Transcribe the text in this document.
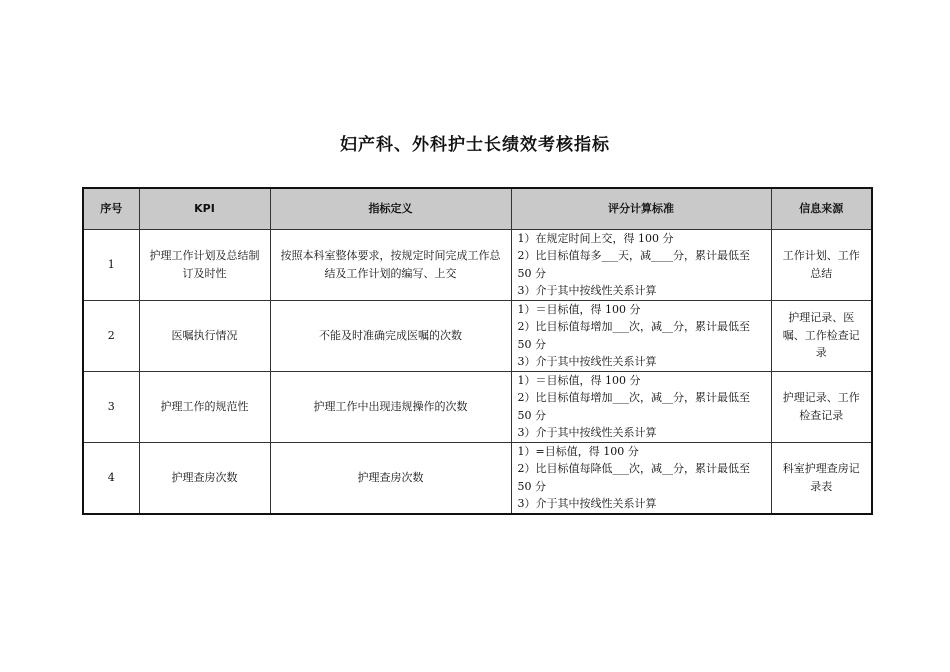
妇产科、外科护士长绩效考核指标
序号	KPI	指标定义	评分计算标准	信息来源
1	护理工作计划及总结制订及时性	按照本科室整体要求，按规定时间完成工作总结及工作计划的编写、上交	1）在规定时间上交，得 100 分
2）比目标值每多___天，减____分，累计最低至 50 分
3）介于其中按线性关系计算	工作计划、工作总结
2	医嘱执行情况	不能及时准确完成医嘱的次数	1）＝目标值，得 100 分
2）比目标值每增加___次，减__分，累计最低至 50 分
3）介于其中按线性关系计算	护理记录、医嘱、工作检查记录
3	护理工作的规范性	护理工作中出现违规操作的次数	1）＝目标值，得 100 分
2）比目标值每增加___次，减__分，累计最低至 50 分
3）介于其中按线性关系计算	护理记录、工作检查记录
4	护理查房次数	护理查房次数	1）=目标值，得 100 分
2）比目标值每降低___次，减__分，累计最低至 50 分
3）介于其中按线性关系计算	科室护理查房记录表
